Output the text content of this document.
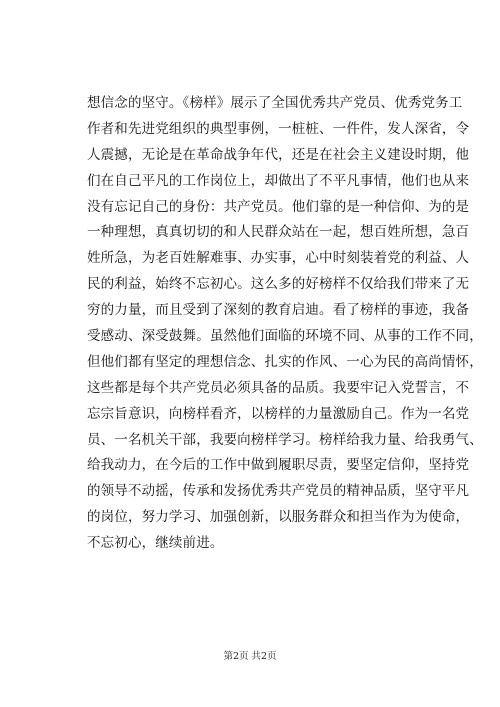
想信念的坚守。《榜样》展示了全国优秀共产党员、优秀党务工
作者和先进党组织的典型事例，一桩桩、一件件，发人深省，令
人震撼，无论是在革命战争年代，还是在社会主义建设时期，他
们在自己平凡的工作岗位上，却做出了不平凡事情，他们也从来
没有忘记自己的身份：共产党员。他们靠的是一种信仰、为的是
一种理想，真真切切的和人民群众站在一起，想百姓所想，急百
姓所急，为老百姓解难事、办实事，心中时刻装着党的利益、人
民的利益，始终不忘初心。这么多的好榜样不仅给我们带来了无
穷的力量，而且受到了深刻的教育启迪。看了榜样的事迹，我备
受感动、深受鼓舞。虽然他们面临的环境不同、从事的工作不同，
但他们都有坚定的理想信念、扎实的作风、一心为民的高尚情怀，
这些都是每个共产党员必须具备的品质。我要牢记入党誓言，不
忘宗旨意识，向榜样看齐，以榜样的力量激励自己。作为一名党
员、一名机关干部，我要向榜样学习。榜样给我力量、给我勇气、
给我动力，在今后的工作中做到履职尽责，要坚定信仰，坚持党
的领导不动摇，传承和发扬优秀共产党员的精神品质，坚守平凡
的岗位，努力学习、加强创新，以服务群众和担当作为为使命，
不忘初心，继续前进。
第2页 共2页
